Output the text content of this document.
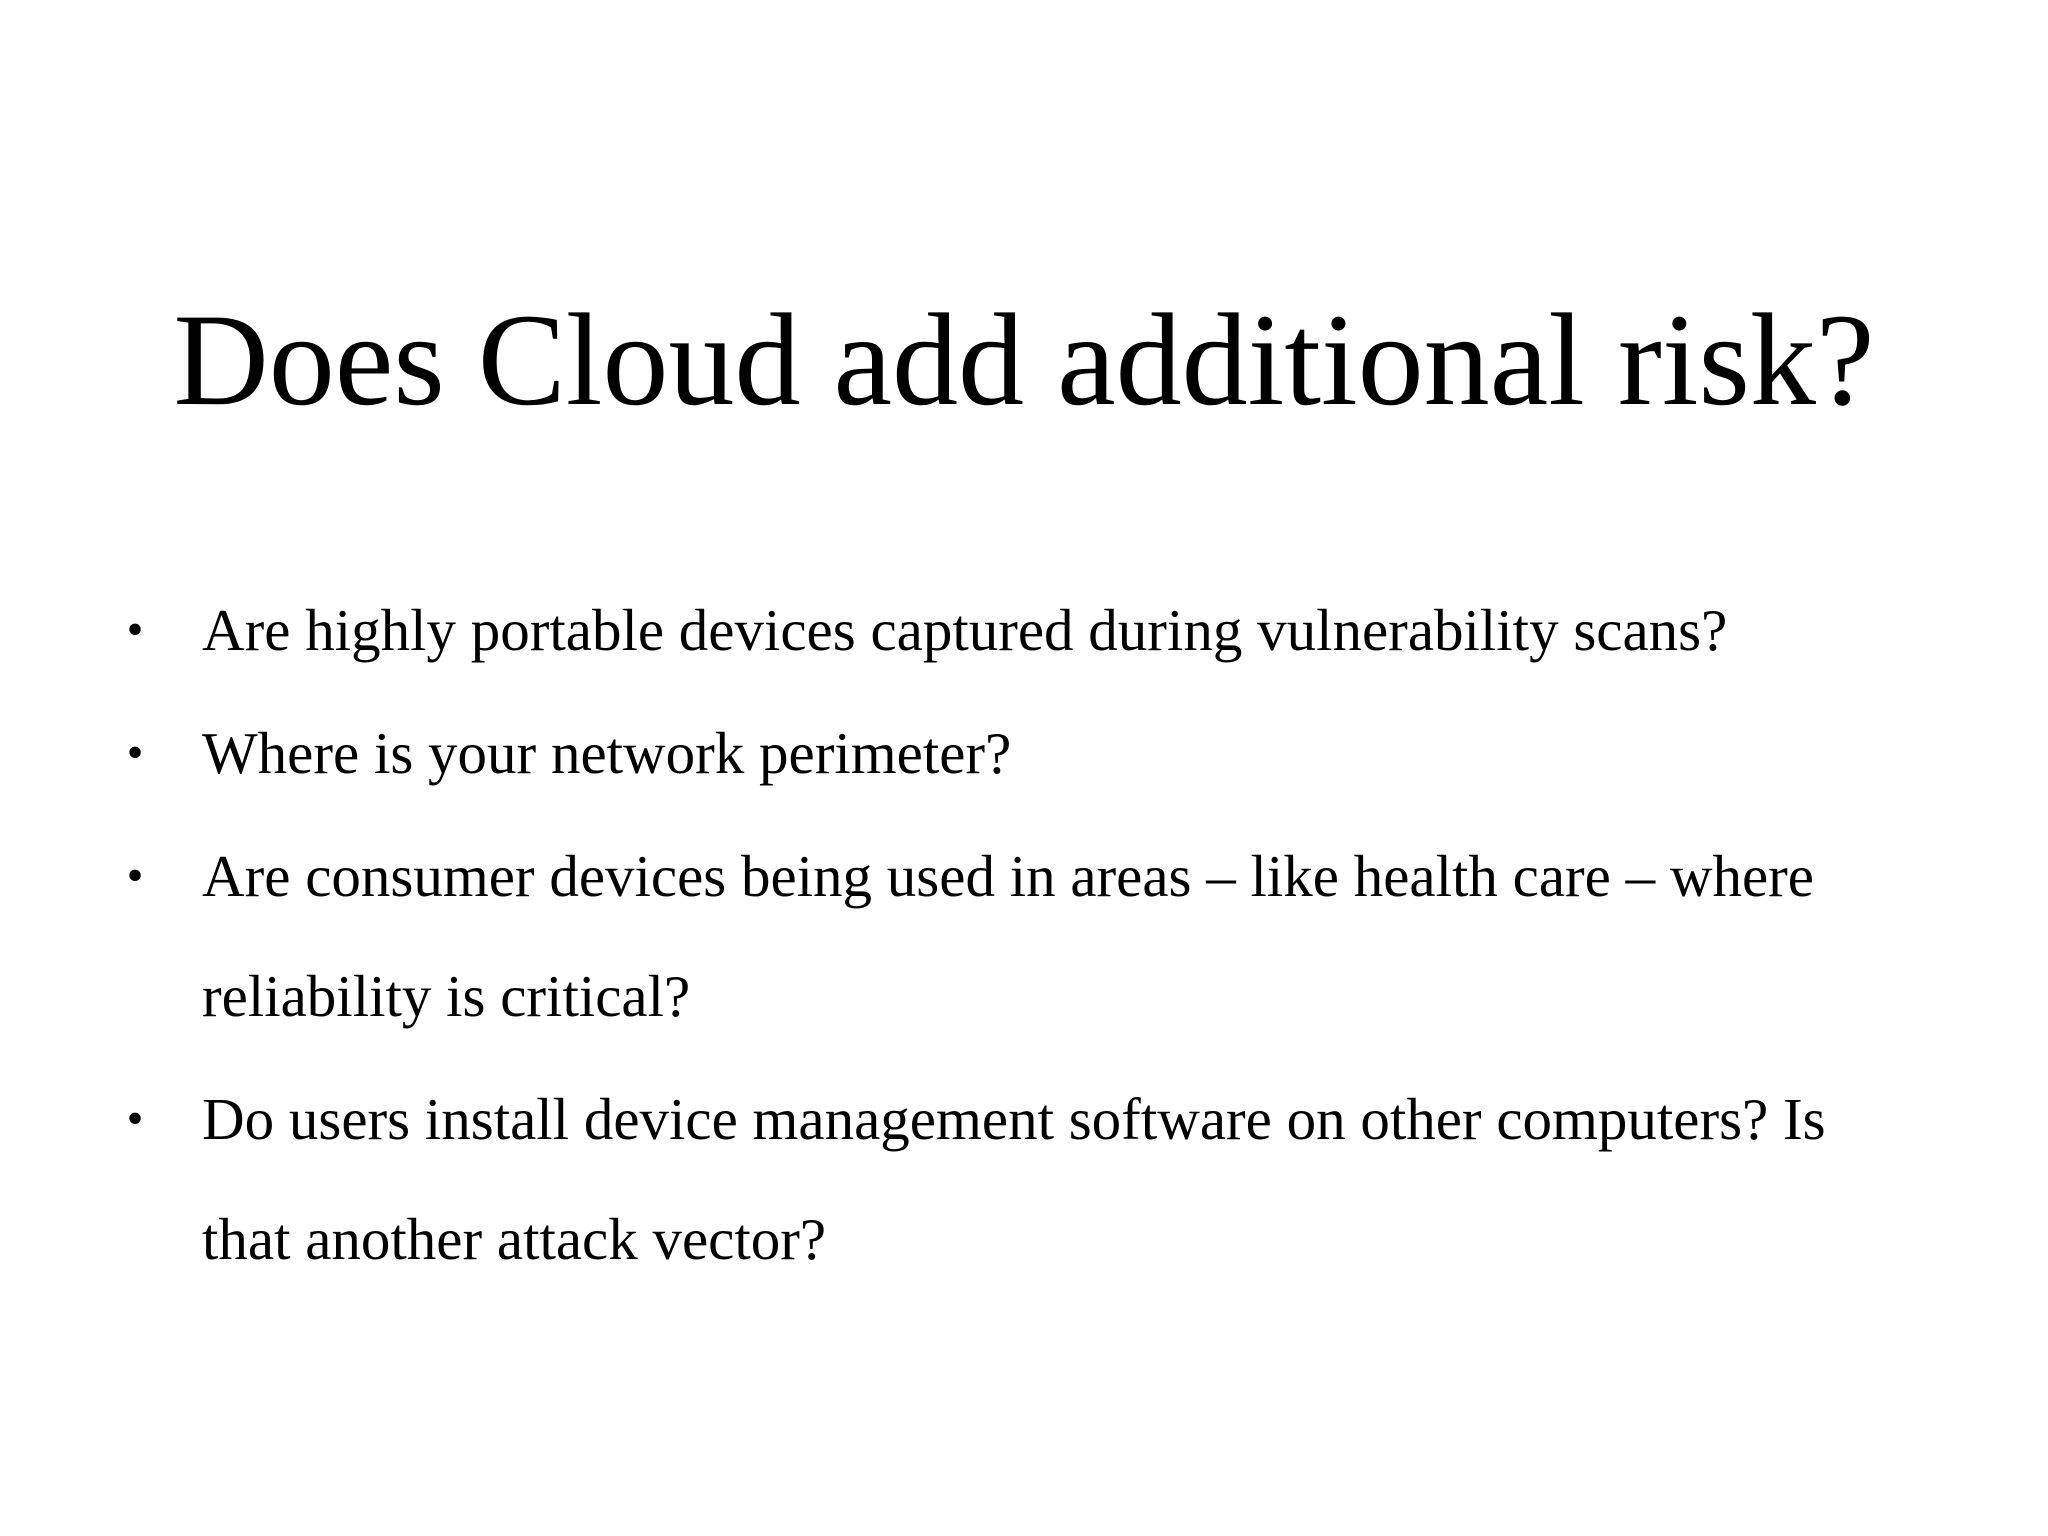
Does Cloud add additional risk?
• Are highly portable devices captured during vulnerability scans?
• Where is your network perimeter?
• Are consumer devices being used in areas – like health care – where reliability is critical?
• Do users install device management software on other computers? Is that another attack vector?
